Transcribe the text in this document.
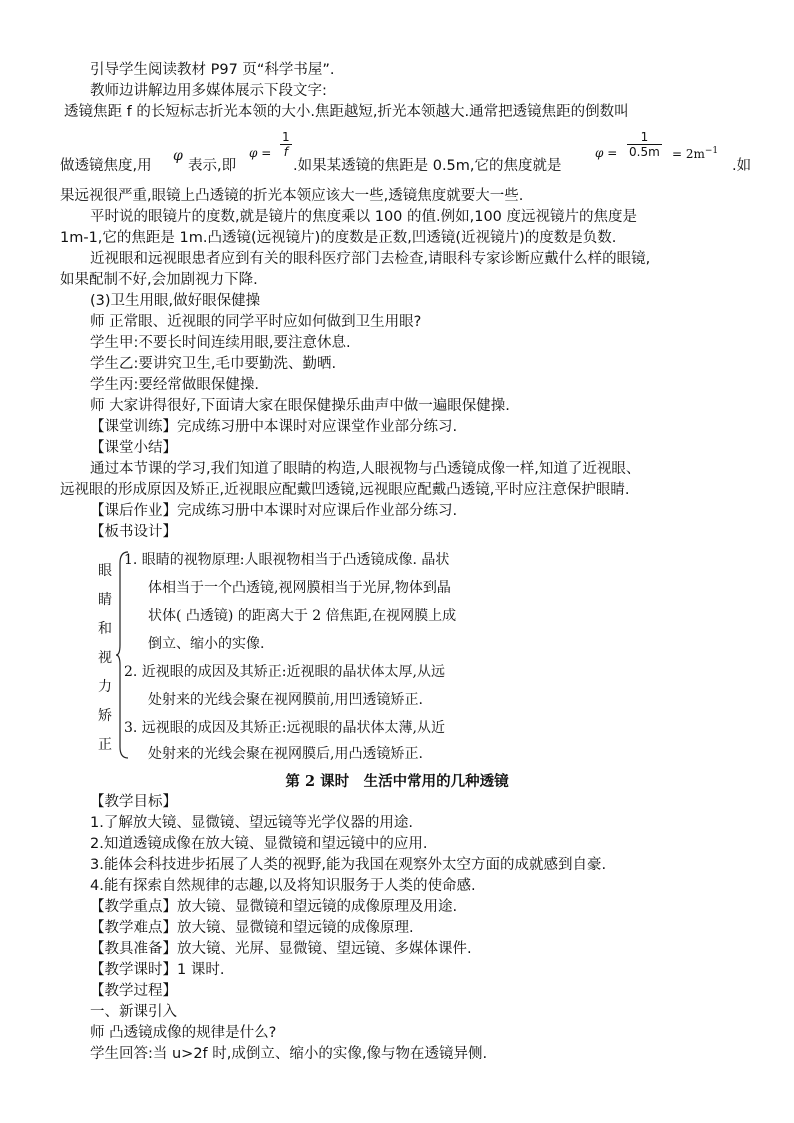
引导学生阅读教材 P97 页“科学书屋”.
教师边讲解边用多媒体展示下段文字:
透镜焦距 f 的长短标志折光本领的大小.焦距越短,折光本领越大.通常把透镜焦距的倒数叫
做透镜焦度,用
φ
表示,即
$\varphi = \frac{1}{f}$
.如果某透镜的焦距是 0.5m,它的焦度就是
$\varphi = \frac{1}{0.5m} = 2m^{-1}$
.如
果远视很严重,眼镜上凸透镜的折光本领应该大一些,透镜焦度就要大一些.
平时说的眼镜片的度数,就是镜片的焦度乘以 100 的值.例如,100 度远视镜片的焦度是
1m-1,它的焦距是 1m.凸透镜(远视镜片)的度数是正数,凹透镜(近视镜片)的度数是负数.
近视眼和远视眼患者应到有关的眼科医疗部门去检查,请眼科专家诊断应戴什么样的眼镜,
如果配制不好,会加剧视力下降.
(3)卫生用眼,做好眼保健操
师 正常眼、近视眼的同学平时应如何做到卫生用眼?
学生甲:不要长时间连续用眼,要注意休息.
学生乙:要讲究卫生,毛巾要勤洗、勤晒.
学生丙:要经常做眼保健操.
师 大家讲得很好,下面请大家在眼保健操乐曲声中做一遍眼保健操.
【课堂训练】完成练习册中本课时对应课堂作业部分练习.
【课堂小结】
通过本节课的学习,我们知道了眼睛的构造,人眼视物与凸透镜成像一样,知道了近视眼、
远视眼的形成原因及矫正,近视眼应配戴凹透镜,远视眼应配戴凸透镜,平时应注意保护眼睛.
【课后作业】完成练习册中本课时对应课后作业部分练习.
【板书设计】
眼
睛
和
视
力
矫
正
1. 眼睛的视物原理:人眼视物相当于凸透镜成像. 晶状
体相当于一个凸透镜,视网膜相当于光屏,物体到晶
状体( 凸透镜) 的距离大于 2 倍焦距,在视网膜上成
倒立、缩小的实像.
2. 近视眼的成因及其矫正:近视眼的晶状体太厚,从远
处射来的光线会聚在视网膜前,用凹透镜矫正.
3. 远视眼的成因及其矫正:远视眼的晶状体太薄,从近
处射来的光线会聚在视网膜后,用凸透镜矫正.
第 2 课时　生活中常用的几种透镜
【教学目标】
1.了解放大镜、显微镜、望远镜等光学仪器的用途.
2.知道透镜成像在放大镜、显微镜和望远镜中的应用.
3.能体会科技进步拓展了人类的视野,能为我国在观察外太空方面的成就感到自豪.
4.能有探索自然规律的志趣,以及将知识服务于人类的使命感.
【教学重点】放大镜、显微镜和望远镜的成像原理及用途.
【教学难点】放大镜、显微镜和望远镜的成像原理.
【教具准备】放大镜、光屏、显微镜、望远镜、多媒体课件.
【教学课时】1 课时.
【教学过程】
一、新课引入
师 凸透镜成像的规律是什么?
学生回答:当 u>2f 时,成倒立、缩小的实像,像与物在透镜异侧.
